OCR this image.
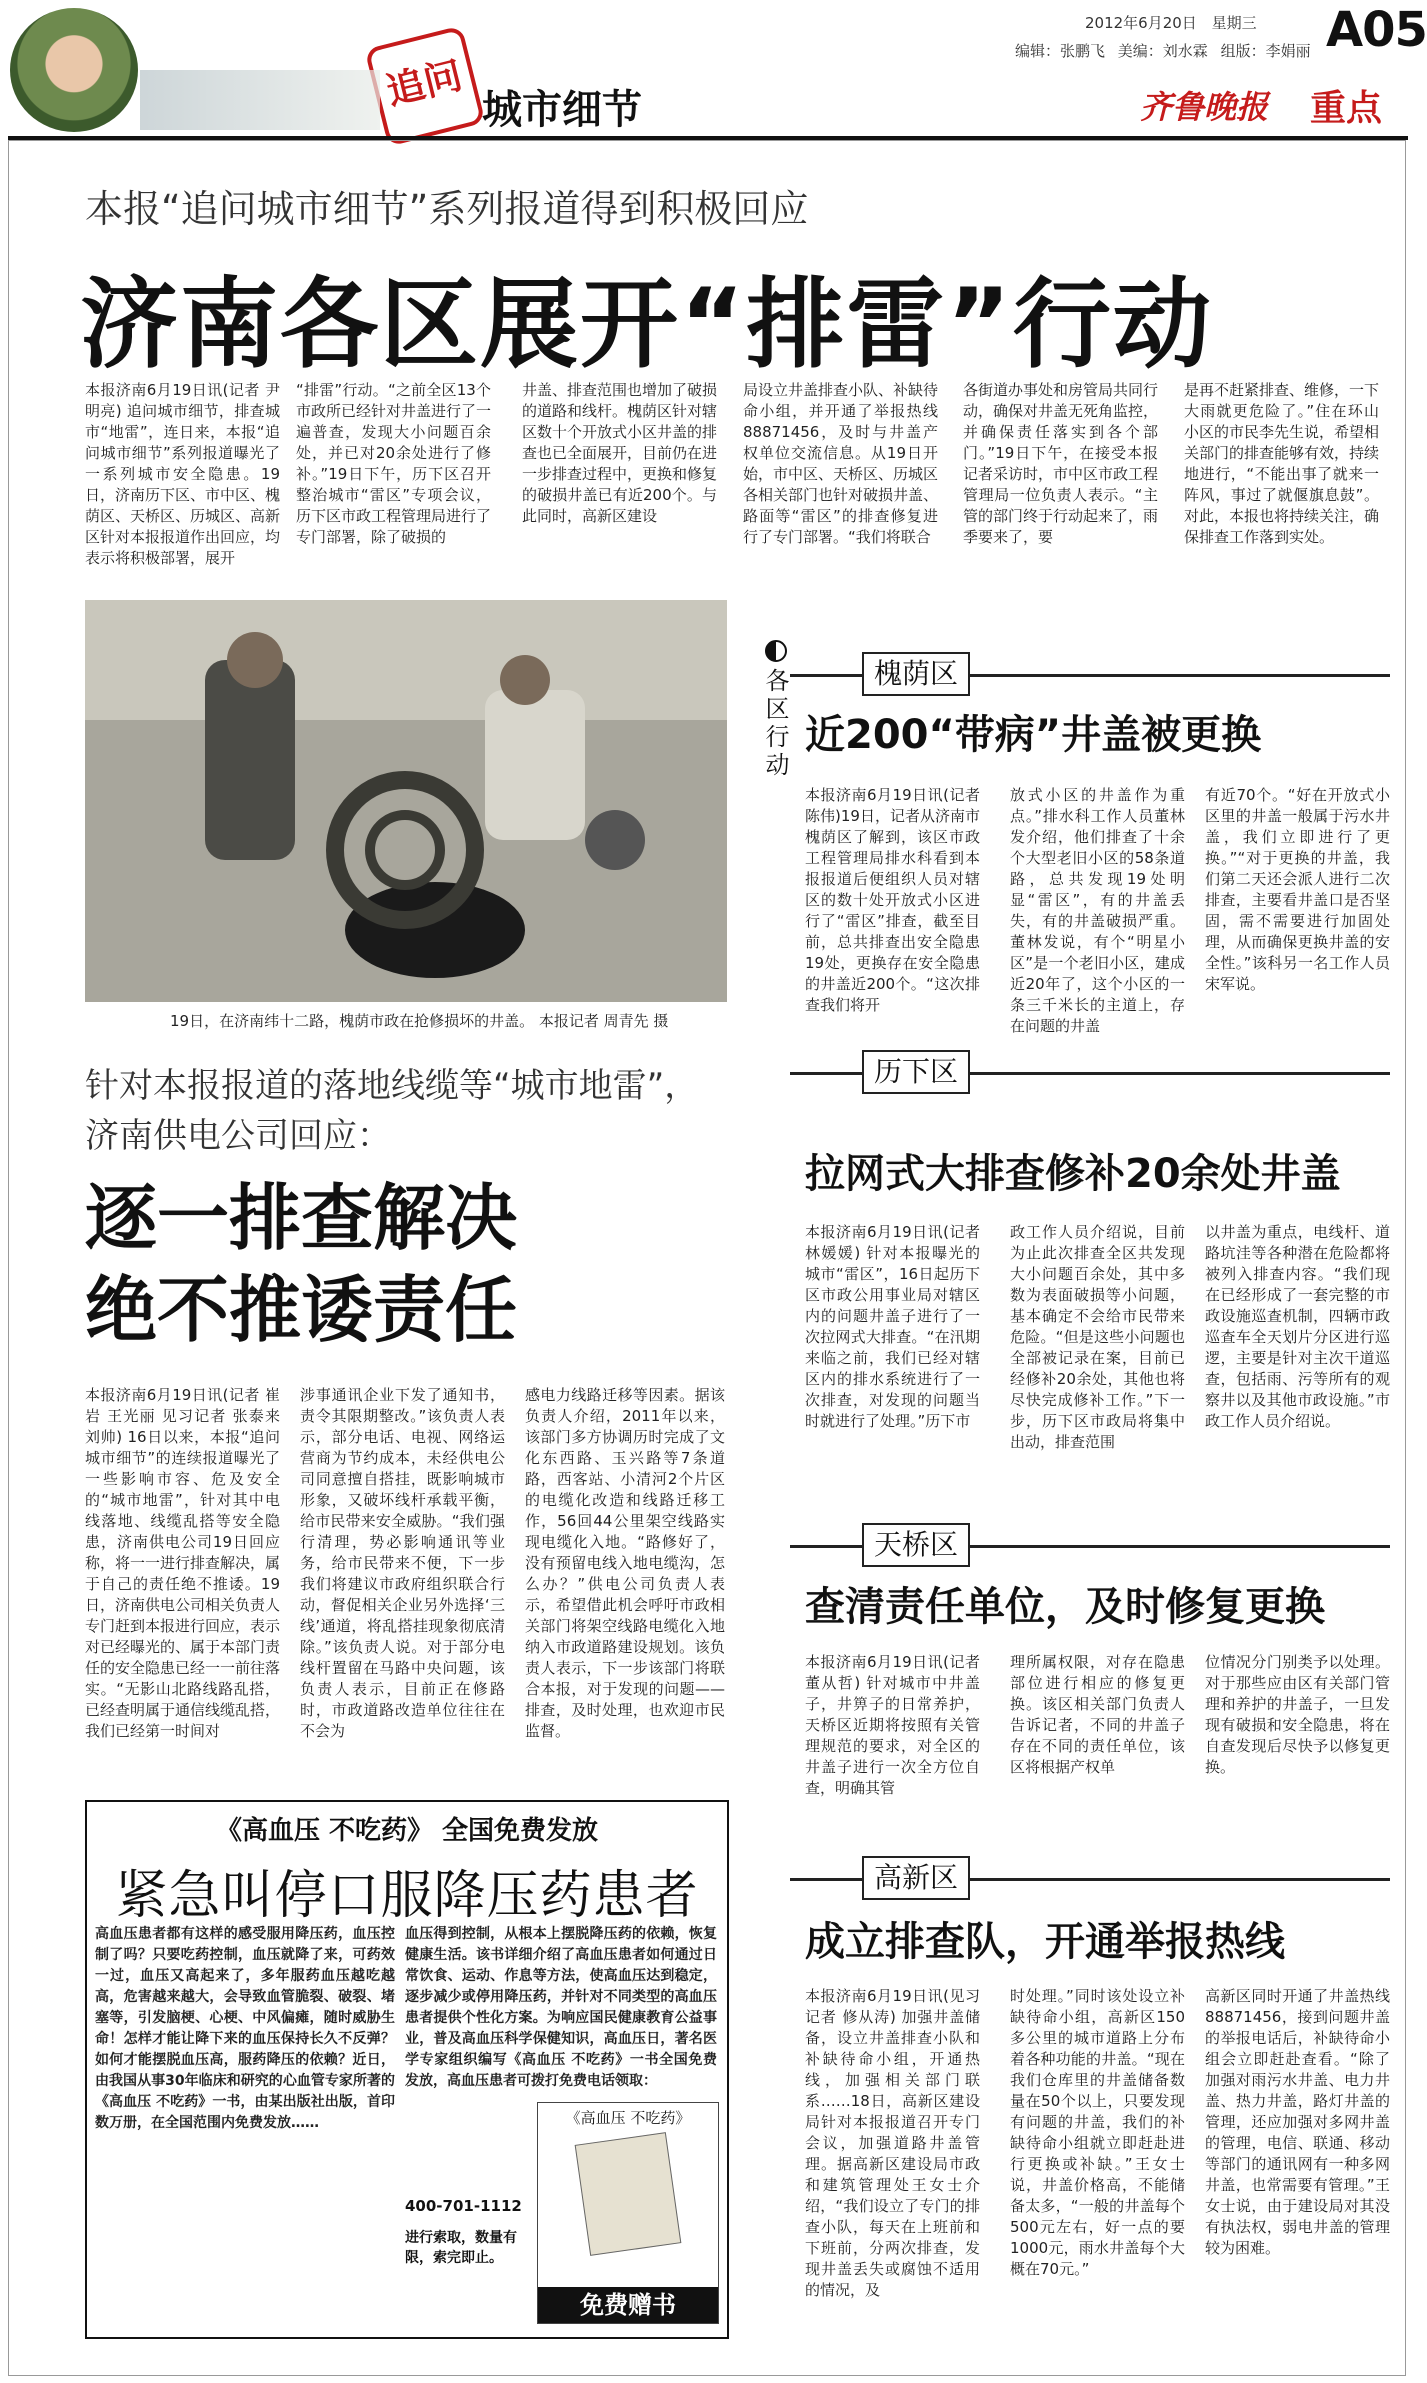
追问 城市细节
2012年6月20日 星期三 A05
编辑：张鹏飞 美编：刘水霖 组版：李娟丽
齐鲁晚报 重点
本报“追问城市细节”系列报道得到积极回应
济南各区展开“排雷”行动
本报济南6月19日讯(记者 尹明亮) 追问城市细节，排查城市“地雷”，连日来，本报“追问城市细节”系列报道曝光了一系列城市安全隐患。19日，济南历下区、市中区、槐荫区、天桥区、历城区、高新区针对本报报道作出回应，均表示将积极部署，展开
“排雷”行动。“之前全区13个市政所已经针对井盖进行了一遍普查，发现大小问题百余处，并已对20余处进行了修补。”19日下午，历下区召开整治城市“雷区”专项会议，历下区市政工程管理局进行了专门部署，除了破损的
井盖、排查范围也增加了破损的道路和线杆。槐荫区针对辖区数十个开放式小区井盖的排查也已全面展开，目前仍在进一步排查过程中，更换和修复的破损井盖已有近200个。与此同时，高新区建设
局设立井盖排查小队、补缺待命小组，并开通了举报热线88871456，及时与井盖产权单位交流信息。从19日开始，市中区、天桥区、历城区各相关部门也针对破损井盖、路面等“雷区”的排查修复进行了专门部署。“我们将联合
各街道办事处和房管局共同行动，确保对井盖无死角监控，并确保责任落实到各个部门。”19日下午，在接受本报记者采访时，市中区市政工程管理局一位负责人表示。“主管的部门终于行动起来了，雨季要来了，要
是再不赶紧排查、维修，一下大雨就更危险了。”住在环山小区的市民李先生说，希望相关部门的排查能够有效，持续地进行，“不能出事了就来一阵风，事过了就偃旗息鼓”。对此，本报也将持续关注，确保排查工作落到实处。
19日，在济南纬十二路，槐荫市政在抢修损坏的井盖。 本报记者 周青先 摄
针对本报报道的落地线缆等“城市地雷”，
济南供电公司回应：
逐一排查解决
绝不推诿责任
本报济南6月19日讯(记者 崔岩 王光丽 见习记者 张泰来 刘帅) 16日以来，本报“追问城市细节”的连续报道曝光了一些影响市容、危及安全的“城市地雷”，针对其中电线落地、线缆乱搭等安全隐患，济南供电公司19日回应称，将一一进行排查解决，属于自己的责任绝不推诿。19日，济南供电公司相关负责人专门赶到本报进行回应，表示对已经曝光的、属于本部门责任的安全隐患已经一一前往落实。“无影山北路线路乱搭，已经查明属于通信线缆乱搭，我们已经第一时间对
涉事通讯企业下发了通知书，责令其限期整改。”该负责人表示，部分电话、电视、网络运营商为节约成本，未经供电公司同意擅自搭挂，既影响城市形象，又破坏线杆承载平衡，给市民带来安全威胁。“我们强行清理，势必影响通讯等业务，给市民带来不便，下一步我们将建议市政府组织联合行动，督促相关企业另外选择‘三线’通道，将乱搭挂现象彻底清除。”该负责人说。对于部分电线杆置留在马路中央问题，该负责人表示，目前正在修路时，市政道路改造单位往往在不会为
感电力线路迁移等因素。据该负责人介绍，2011年以来，该部门多方协调历时完成了文化东西路、玉兴路等7条道路，西客站、小清河2个片区的电缆化改造和线路迁移工作，56回44公里架空线路实现电缆化入地。“路修好了，没有预留电线入地电缆沟，怎么办？”供电公司负责人表示，希望借此机会呼吁市政相关部门将架空线路电缆化入地纳入市政道路建设规划。该负责人表示，下一步该部门将联合本报，对于发现的问题——排查，及时处理，也欢迎市民监督。
《高血压 不吃药》 全国免费发放
紧急叫停口服降压药患者
高血压患者都有这样的感受服用降压药，血压控制了吗？只要吃药控制，血压就降了来，可药效一过，血压又高起来了，多年服药血压越吃越高，危害越来越大，会导致血管脆裂、破裂、堵塞等，引发脑梗、心梗、中风偏瘫，随时威胁生命！怎样才能让降下来的血压保持长久不反弹？如何才能摆脱血压高，服药降压的依赖？近日，由我国从事30年临床和研究的心血管专家所著的《高血压 不吃药》一书，由某出版社出版，首印数万册，在全国范围内免费发放……
血压得到控制，从根本上摆脱降压药的依赖，恢复健康生活。该书详细介绍了高血压患者如何通过日常饮食、运动、作息等方法，使高血压达到稳定，逐步减少或停用降压药，并针对不同类型的高血压患者提供个性化方案。为响应国民健康教育公益事业，普及高血压科学保健知识，高血压日，著名医学专家组织编写《高血压 不吃药》一书全国免费发放，高血压患者可拨打免费电话领取：
400-701-1112
进行索取，数量有限，索完即止。
《高血压 不吃药》
免费赠书
各区行动	槐荫区
近200“带病”井盖被更换
本报济南6月19日讯(记者 陈伟)19日，记者从济南市槐荫区了解到，该区市政工程管理局排水科看到本报报道后便组织人员对辖区的数十处开放式小区进行了“雷区”排查，截至目前，总共排查出安全隐患19处，更换存在安全隐患的井盖近200个。“这次排查我们将开
放式小区的井盖作为重点。”排水科工作人员董林发介绍，他们排查了十余个大型老旧小区的58条道路，总共发现19处明显“雷区”，有的井盖丢失，有的井盖破损严重。董林发说，有个“明星小区”是一个老旧小区，建成近20年了，这个小区的一条三千米长的主道上，存在问题的井盖
有近70个。“好在开放式小区里的井盖一般属于污水井盖，我们立即进行了更换。”“对于更换的井盖，我们第二天还会派人进行二次排查，主要看井盖口是否坚固，需不需要进行加固处理，从而确保更换井盖的安全性。”该科另一名工作人员宋军说。
历下区
拉网式大排查修补20余处井盖
本报济南6月19日讯(记者 林媛媛) 针对本报曝光的城市“雷区”，16日起历下区市政公用事业局对辖区内的问题井盖子进行了一次拉网式大排查。“在汛期来临之前，我们已经对辖区内的排水系统进行了一次排查，对发现的问题当时就进行了处理。”历下市
政工作人员介绍说，目前为止此次排查全区共发现大小问题百余处，其中多数为表面破损等小问题，基本确定不会给市民带来危险。“但是这些小问题也全部被记录在案，目前已经修补20余处，其他也将尽快完成修补工作。”下一步，历下区市政局将集中出动，排查范围
以井盖为重点，电线杆、道路坑洼等各种潜在危险都将被列入排查内容。“我们现在已经形成了一套完整的市政设施巡查机制，四辆市政巡查车全天划片分区进行巡逻，主要是针对主次干道巡查，包括雨、污等所有的观察井以及其他市政设施。”市政工作人员介绍说。
天桥区
查清责任单位，及时修复更换
本报济南6月19日讯(记者 董从哲) 针对城市中井盖子，井箅子的日常养护，天桥区近期将按照有关管理规范的要求，对全区的井盖子进行一次全方位自查，明确其管
理所属权限，对存在隐患部位进行相应的修复更换。该区相关部门负责人告诉记者，不同的井盖子存在不同的责任单位，该区将根据产权单
位情况分门别类予以处理。对于那些应由区有关部门管理和养护的井盖子，一旦发现有破损和安全隐患，将在自查发现后尽快予以修复更换。
高新区
成立排查队，开通举报热线
本报济南6月19日讯(见习记者 修从涛) 加强井盖储备，设立井盖排查小队和补缺待命小组，开通热线，加强相关部门联系……18日，高新区建设局针对本报报道召开专门会议，加强道路井盖管理。据高新区建设局市政和建筑管理处王女士介绍，“我们设立了专门的排查小队，每天在上班前和下班前，分两次排查，发现井盖丢失或腐蚀不适用的情况，及
时处理。”同时该处设立补缺待命小组，高新区150多公里的城市道路上分布着各种功能的井盖。“现在我们仓库里的井盖储备数量在50个以上，只要发现有问题的井盖，我们的补缺待命小组就立即赶赴进行更换或补缺。”王女士说，井盖价格高，不能储备太多，“一般的井盖每个500元左右，好一点的要1000元，雨水井盖每个大概在70元。”
高新区同时开通了井盖热线88871456，接到问题井盖的举报电话后，补缺待命小组会立即赶赴查看。“除了加强对雨污水井盖、电力井盖、热力井盖，路灯井盖的管理，还应加强对多网井盖的管理，电信、联通、移动等部门的通讯网有一种多网井盖，也常需要有管理。”王女士说，由于建设局对其没有执法权，弱电井盖的管理较为困难。
